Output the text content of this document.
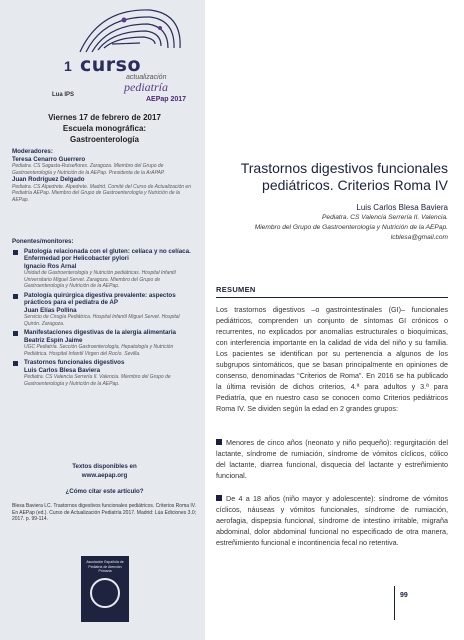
1 curso
actualización
pediatría
AEPap 2017
Lua IPS
Viernes 17 de febrero de 2017
Escuela monográfica:
Gastroenterología
Moderadores:
Teresa Cenarro Guerrero
Pediatra. CS Sagasta-Ruiseñores. Zaragoza. Miembro del Grupo de Gastroenterología y Nutrición de la AEPap. Presidenta de la ArAPAP.
Juan Rodríguez Delgado
Pediatra. CS Alpedrete. Alpedrete. Madrid. Comité del Curso de Actualización en Pediatría AEPap. Miembro del Grupo de Gastroenterología y Nutrición de la AEPap.
Ponentes/monitores:
Patología relacionada con el gluten: celíaca y no celíaca. Enfermedad por Helicobacter pylori
Ignacio Ros Arnal
Unidad de Gastroenterología y Nutrición pediátricas. Hospital Infantil Universitario Miguel Servet. Zaragoza. Miembro del Grupo de Gastroenterología y Nutrición de la AEPap.
Patología quirúrgica digestiva prevalente: aspectos prácticos para el pediatra de AP
Juan Elías Pollina
Servicio de Cirugía Pediátrica. Hospital Infantil Miguel Servet. Hospital Quirón. Zaragoza.
Manifestaciones digestivas de la alergia alimentaria
Beatriz Espín Jaime
UGC Pediatría. Sección Gastroenterología, Hepatología y Nutrición Pediátrica. Hospital Infantil Virgen del Rocío. Sevilla.
Trastornos funcionales digestivos
Luis Carlos Blesa Baviera
Pediatra. CS Valencia Serrería II. Valencia. Miembro del Grupo de Gastroenterología y Nutrición de la AEPap.
Textos disponibles en
www.aepap.org
¿Cómo citar este artículo?
Blesa Baviera LC. Trastornos digestivos funcionales pediátricos. Criterios Roma IV. En AEPap (ed.). Curso de Actualización Pediatría 2017. Madrid: Lúa Ediciones 3.0; 2017. p. 99-114.
Asociación Española de Pediatría de Atención Primaria
Trastornos digestivos funcionales pediátricos. Criterios Roma IV
Luis Carlos Blesa Baviera
Pediatra. CS Valencia Serrería II. Valencia.
Miembro del Grupo de Gastroenterología y Nutrición de la AEPap.
lcblesa@gmail.com
RESUMEN
Los trastornos digestivos –o gastrointestinales (GI)– funcionales pediátricos, comprenden un conjunto de síntomas GI crónicos o recurrentes, no explicados por anomalías estructurales o bioquímicas, con interferencia importante en la calidad de vida del niño y su familia. Los pacientes se identifican por su pertenencia a algunos de los subgrupos sintomáticos, que se basan principalmente en opiniones de consenso, denominadas “Criterios de Roma”. En 2016 se ha publicado la última revisión de dichos criterios, 4.ª para adultos y 3.ª para Pediatría, que en nuestro caso se conocen como Criterios pediátricos Roma IV. Se dividen según la edad en 2 grandes grupos:
Menores de cinco años (neonato y niño pequeño): regurgitación del lactante, síndrome de rumiación, síndrome de vómitos cíclicos, cólico del lactante, diarrea funcional, disquecia del lactante y estreñimiento funcional.
De 4 a 18 años (niño mayor y adolescente): síndrome de vómitos cíclicos, náuseas y vómitos funcionales, síndrome de rumiación, aerofagia, dispepsia funcional, síndrome de intestino irritable, migraña abdominal, dolor abdominal funcional no especificado de otra manera, estreñimiento funcional e incontinencia fecal no retentiva.
99
